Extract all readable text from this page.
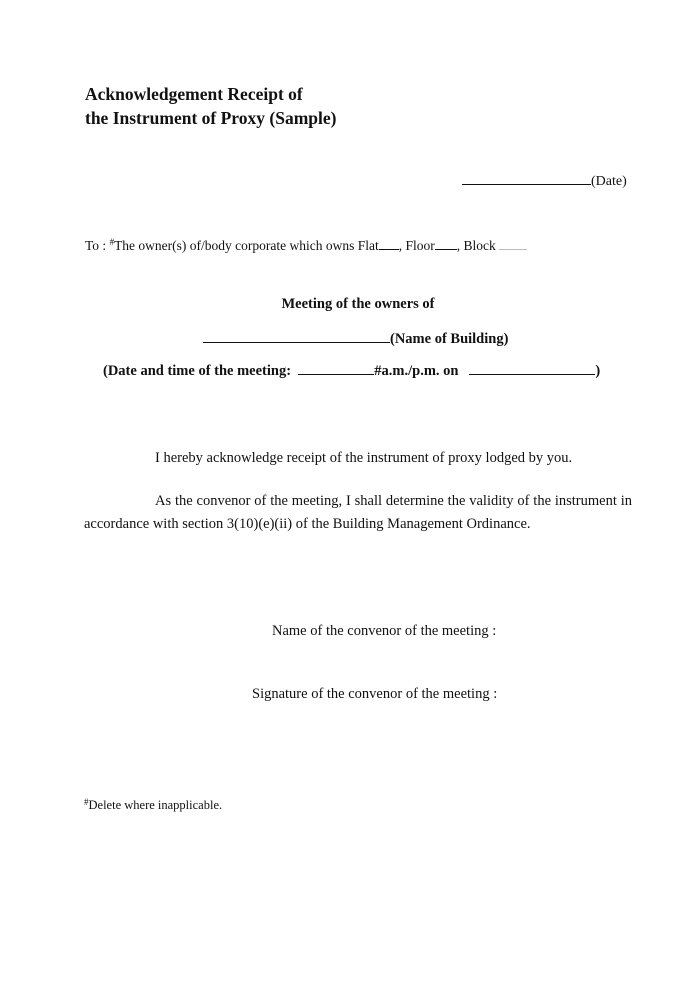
Acknowledgement Receipt of
the Instrument of Proxy (Sample)
(Date)
To : #The owner(s) of/body corporate which owns Flat , Floor , Block
Meeting of the owners of
(Name of Building)
(Date and time of the meeting:	#a.m./p.m. on	)
I hereby acknowledge receipt of the instrument of proxy lodged by you.
As the convenor of the meeting, I shall determine the validity of the instrument in accordance with section 3(10)(e)(ii) of the Building Management Ordinance.
Name of the convenor of the meeting :
Signature of the convenor of the meeting :
#Delete where inapplicable.
